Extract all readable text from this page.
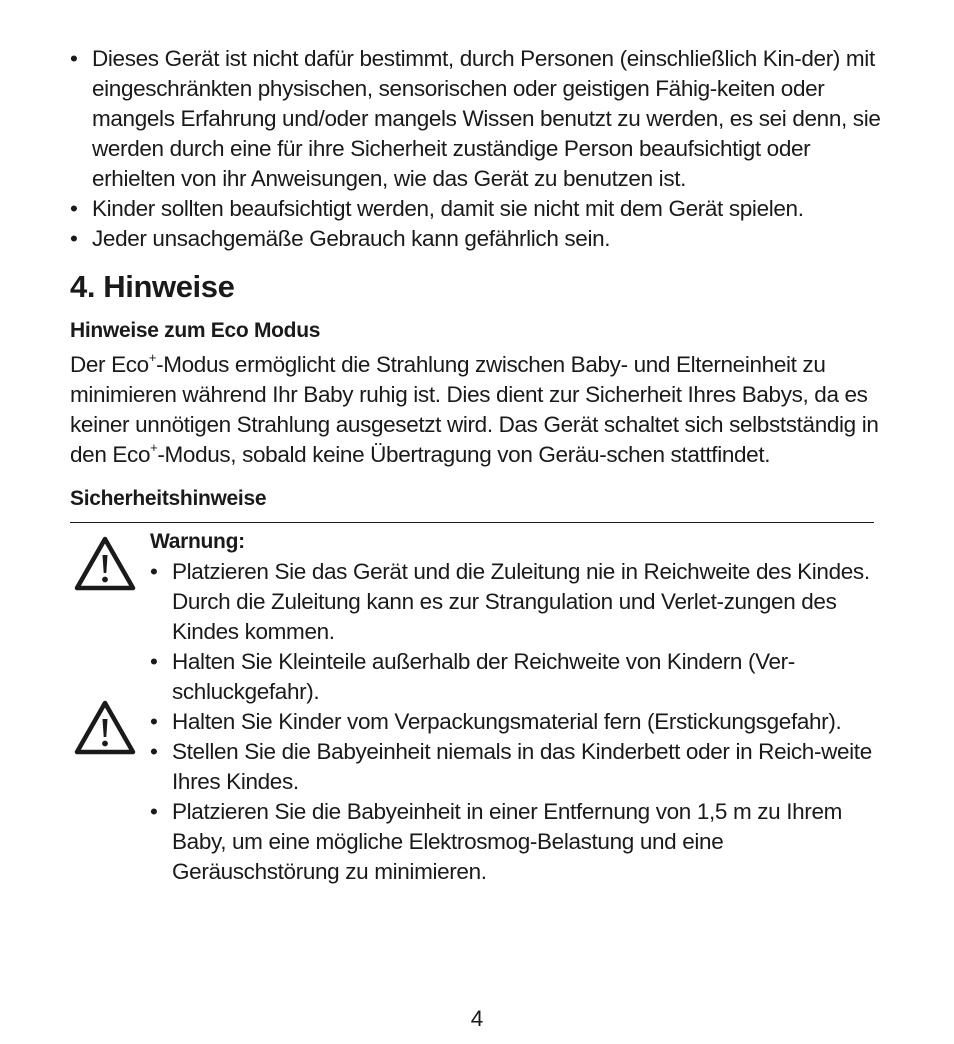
• Dieses Gerät ist nicht dafür bestimmt, durch Personen (einschließlich Kin-der) mit eingeschränkten physischen, sensorischen oder geistigen Fähig-keiten oder mangels Erfahrung und/oder mangels Wissen benutzt zu werden, es sei denn, sie werden durch eine für ihre Sicherheit zuständige Person beaufsichtigt oder erhielten von ihr Anweisungen, wie das Gerät zu benutzen ist.
• Kinder sollten beaufsichtigt werden, damit sie nicht mit dem Gerät spielen.
• Jeder unsachgemäße Gebrauch kann gefährlich sein.
4. Hinweise
Hinweise zum Eco Modus

Der Eco+-Modus ermöglicht die Strahlung zwischen Baby- und Elterneinheit zu minimieren während Ihr Baby ruhig ist. Dies dient zur Sicherheit Ihres Babys, da es keiner unnötigen Strahlung ausgesetzt wird. Das Gerät schaltet sich selbstständig in den Eco+-Modus, sobald keine Übertragung von Geräu-schen stattfindet.

Sicherheitshinweise
Warnung:
• Platzieren Sie das Gerät und die Zuleitung nie in Reichweite des Kindes. Durch die Zuleitung kann es zur Strangulation und Verlet-zungen des Kindes kommen.
• Halten Sie Kleinteile außerhalb der Reichweite von Kindern (Ver-schluckgefahr).
• Halten Sie Kinder vom Verpackungsmaterial fern (Erstickungsgefahr).
• Stellen Sie die Babyeinheit niemals in das Kinderbett oder in Reich-weite Ihres Kindes.
• Platzieren Sie die Babyeinheit in einer Entfernung von 1,5 m zu Ihrem Baby, um eine mögliche Elektrosmog-Belastung und eine Geräuschstörung zu minimieren.
4
